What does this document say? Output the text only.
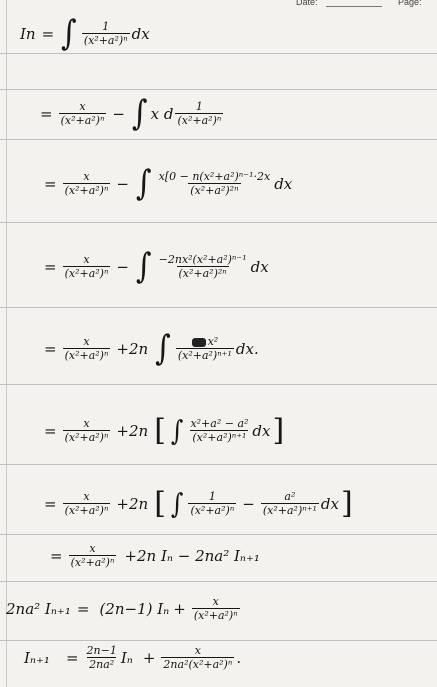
Date:	Page:
In = ∫ $\frac{1}{\text{(x²+a²)ⁿ}}$ dx
= $\frac{x}{\text{(x²+a²)ⁿ}}$ − ∫ x d $\frac{1}{\text{(x²+a²)ⁿ}}$
= $\frac{x}{\text{(x²+a²)ⁿ}}$ − ∫ $\frac{\text{x[0 − n(x²+a²)ⁿ⁻¹·2x}}{\text{(x²+a²)²ⁿ}}$ dx
= $\frac{x}{\text{(x²+a²)ⁿ}}$ − ∫ $\frac{\text{−2nx²(x²+a²)ⁿ⁻¹}}{\text{(x²+a²)²ⁿ}}$ dx
= $\frac{x}{\text{(x²+a²)ⁿ}} +2n$ ∫ $\frac{\text{x²}}{\text{(x²+a²)ⁿ⁺¹}}$ dx.
= $\frac{x}{\text{(x²+a²)ⁿ}} +2n$ [ ∫ $\frac{\text{x²+a² − a²}}{\text{(x²+a²)ⁿ⁺¹}}$ dx ]
= $\frac{x}{\text{(x²+a²)ⁿ}} +2n$ [ ∫ $\frac{1}{\text{(x²+a²)ⁿ}} - \frac{\text{a²}}{\text{(x²+a²)ⁿ⁺¹}}$ dx ]
= $\frac{x}{\text{(x²+a²)ⁿ}} +2n$ Iₙ − 2na² Iₙ₊₁
2na² Iₙ₊₁ = (2n−1) $I_n + \frac{x}{\text{(x²+a²)ⁿ}}$
$I_{n+1} = \frac{2n-1}{\text{2na²}}$ $I_n + \frac{x}{\text{2na²(x²+a²)ⁿ}}$ .
